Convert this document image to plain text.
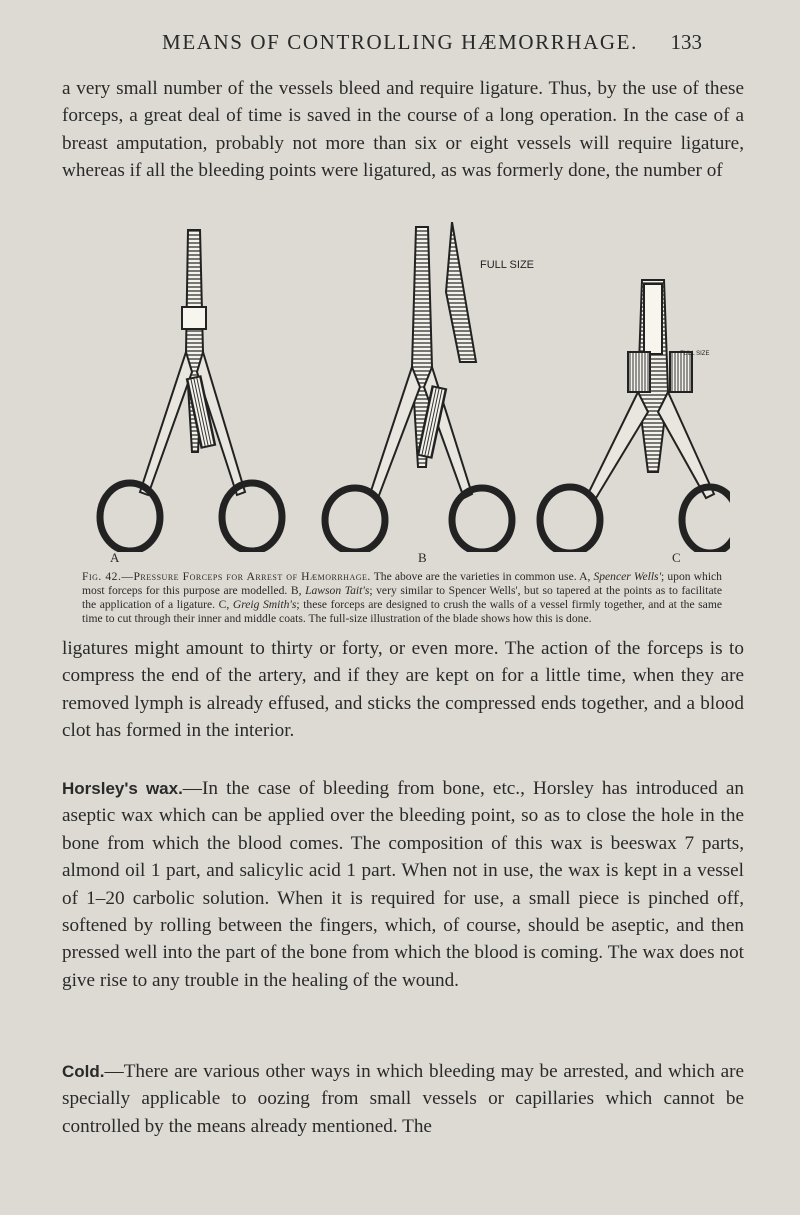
MEANS OF CONTROLLING HÆMORRHAGE.	133

a very small number of the vessels bleed and require ligature. Thus, by the use of these forceps, a great deal of time is saved in the course of a long operation. In the case of a breast amputation, probably not more than six or eight vessels will require ligature, whereas if all the bleeding points were ligatured, as was formerly done, the number of

FULL SIZE
FULL SIZE
A	B	C

Fig. 42.—Pressure Forceps for Arrest of Hæmorrhage. The above are the varieties in common use. A, Spencer Wells'; upon which most forceps for this purpose are modelled. B, Lawson Tait's; very similar to Spencer Wells', but so tapered at the points as to facilitate the application of a ligature. C, Greig Smith's; these forceps are designed to crush the walls of a vessel firmly together, and at the same time to cut through their inner and middle coats. The full-size illustration of the blade shows how this is done.

ligatures might amount to thirty or forty, or even more. The action of the forceps is to compress the end of the artery, and if they are kept on for a little time, when they are removed lymph is already effused, and sticks the compressed ends together, and a blood clot has formed in the interior.

Horsley's wax.—In the case of bleeding from bone, etc., Horsley has introduced an aseptic wax which can be applied over the bleeding point, so as to close the hole in the bone from which the blood comes. The composition of this wax is beeswax 7 parts, almond oil 1 part, and salicylic acid 1 part. When not in use, the wax is kept in a vessel of 1–20 carbolic solution. When it is required for use, a small piece is pinched off, softened by rolling between the fingers, which, of course, should be aseptic, and then pressed well into the part of the bone from which the blood is coming. The wax does not give rise to any trouble in the healing of the wound.

Cold.—There are various other ways in which bleeding may be arrested, and which are specially applicable to oozing from small vessels or capillaries which cannot be controlled by the means already mentioned. The
